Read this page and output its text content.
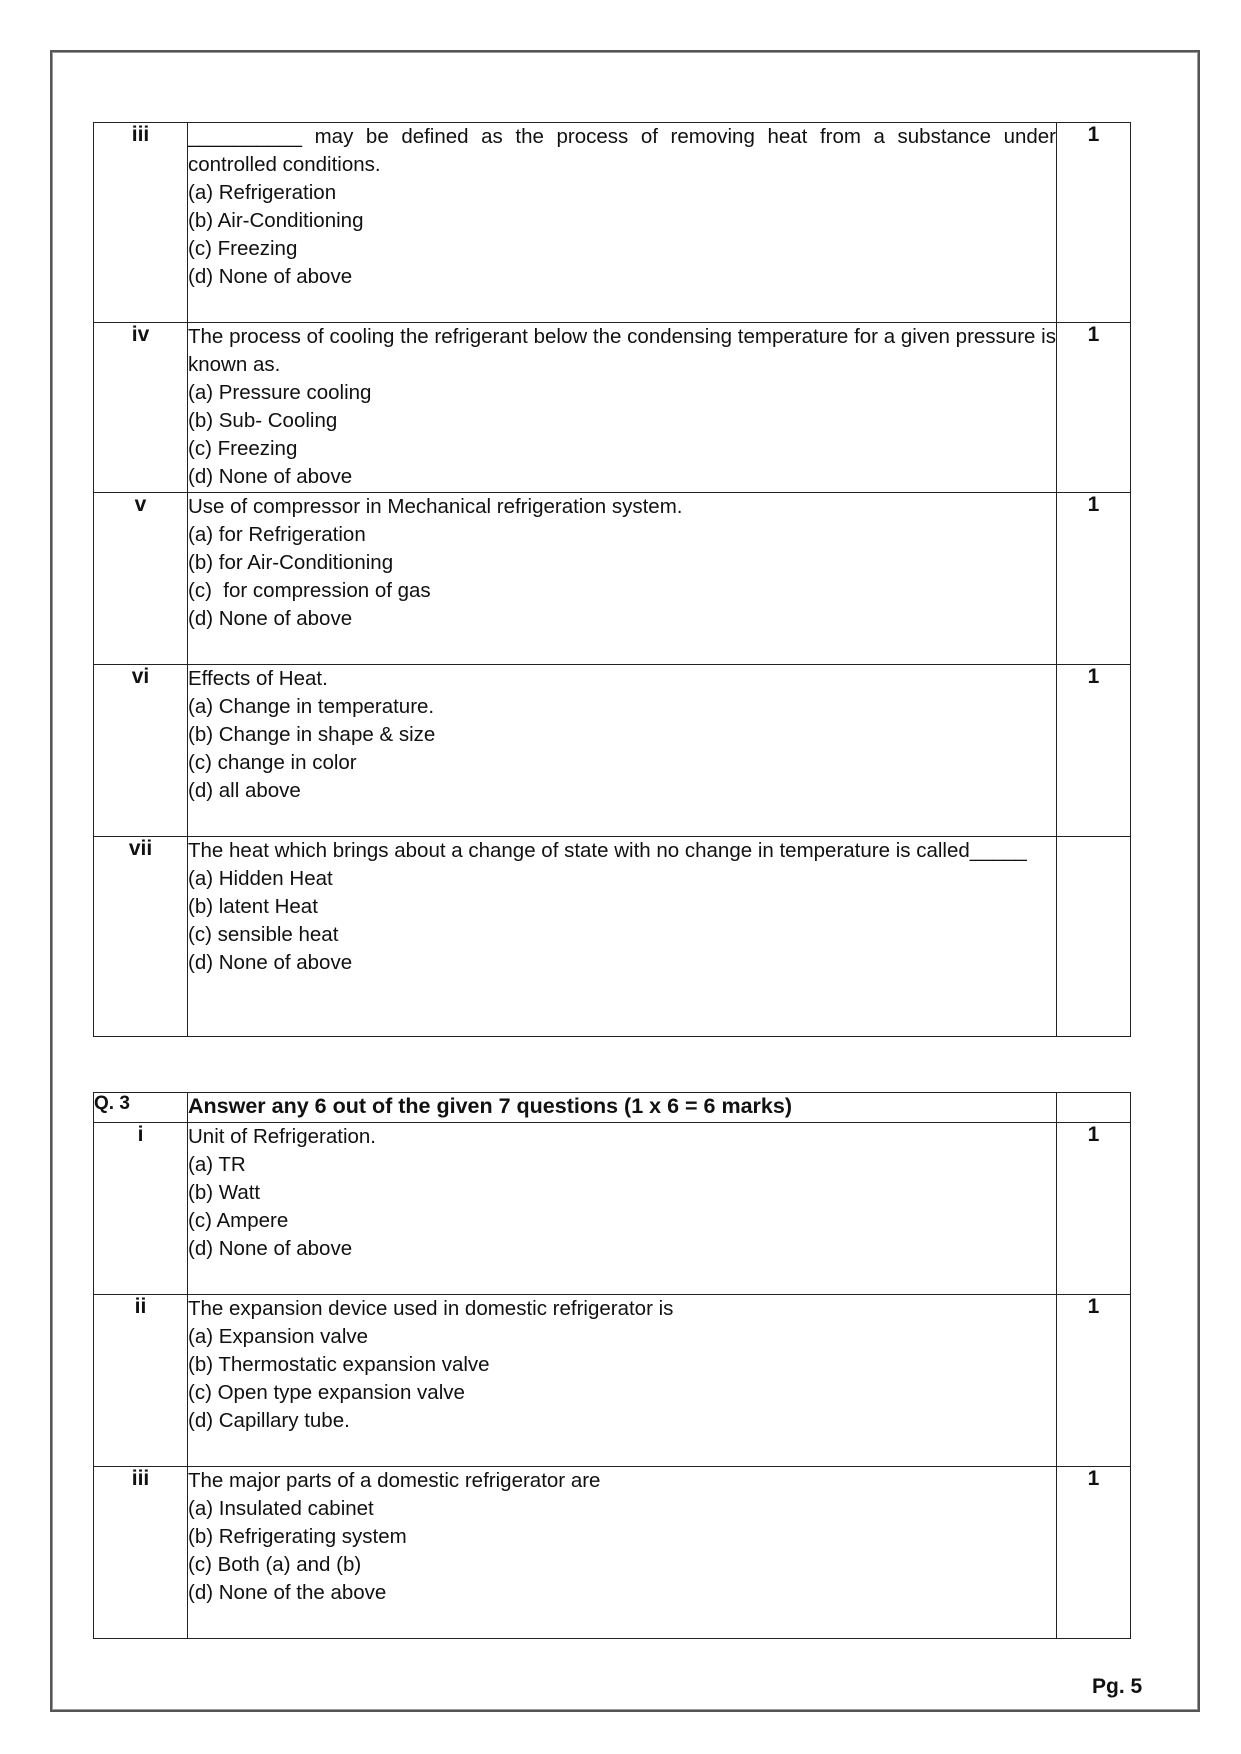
iii	__________ may be defined as the process of removing heat from a substance under controlled conditions.
(a) Refrigeration
(b) Air-Conditioning
(c) Freezing
(d) None of above	1
iv	The process of cooling the refrigerant below the condensing temperature for a given pressure is known as.
(a) Pressure cooling
(b) Sub- Cooling
(c) Freezing
(d) None of above	1
v	Use of compressor in Mechanical refrigeration system.
(a) for Refrigeration
(b) for Air-Conditioning
(c)  for compression of gas
(d) None of above	1
vi	Effects of Heat.
(a) Change in temperature.
(b) Change in shape & size
(c) change in color
(d) all above	1
vii	The heat which brings about a change of state with no change in temperature is called_____
(a) Hidden Heat
(b) latent Heat
(c) sensible heat
(d) None of above	

Q. 3	Answer any 6 out of the given 7 questions (1 x 6 = 6 marks)	
i	Unit of Refrigeration.
(a) TR
(b) Watt
(c) Ampere
(d) None of above	1
ii	The expansion device used in domestic refrigerator is
(a) Expansion valve
(b) Thermostatic expansion valve
(c) Open type expansion valve
(d) Capillary tube.	1
iii	The major parts of a domestic refrigerator are
(a) Insulated cabinet
(b) Refrigerating system
(c) Both (a) and (b)
(d) None of the above	1
Pg. 5
